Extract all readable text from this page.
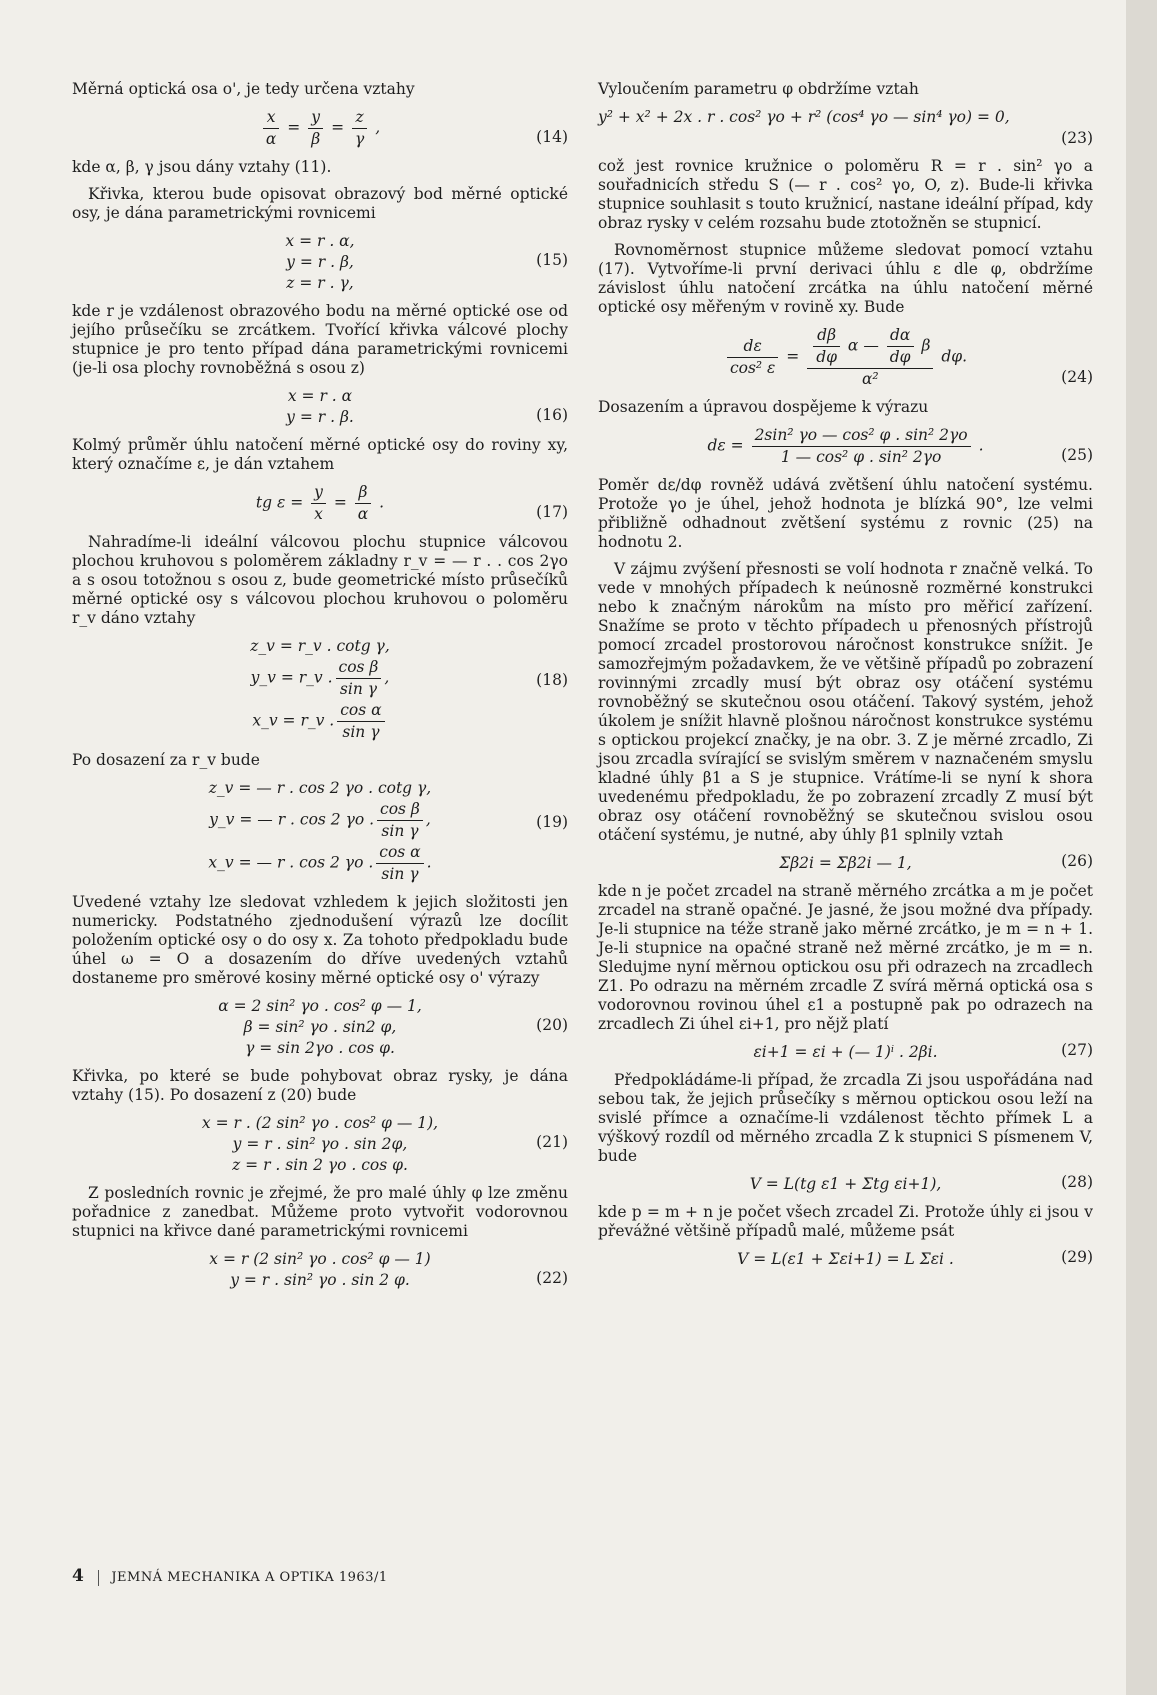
Měrná optická osa o', je tedy určena vztahy

$\frac{x}{\alpha} = \frac{y}{\beta} = \frac{z}{\gamma}$ ,
(14)

kde α, β, γ jsou dány vztahy (11).

Křivka, kterou bude opisovat obrazový bod měrné optické osy, je dána parametrickými rovnicemi

x = r . α,
y = r . β,
z = r . γ,
(15)

kde r je vzdálenost obrazového bodu na měrné optické ose od jejího průsečíku se zrcátkem. Tvořící křivka válcové plochy stupnice je pro tento případ dána parametrickými rovnicemi (je-li osa plochy rovnoběžná s osou z)

x = r . α
y = r . β.	(16)

Kolmý průměr úhlu natočení měrné optické osy do roviny xy, který označíme ε, je dán vztahem

tg $\varepsilon = \frac{y}{x} = \frac{\beta}{\alpha}$ .
(17)

Nahradíme-li ideální válcovou plochu stupnice válcovou plochou kruhovou s poloměrem základny r_v = — r . . cos 2γo a s osou totožnou s osou z, bude geometrické místo průsečíků měrné optické osy s válcovou plochou kruhovou o poloměru r_v dáno vztahy

z_v = r_v . cotg γ,
y_v = r_v . $\frac{\text{cos β}}{\text{sin γ}}$ ,
x_v = r_v . $\frac{\text{cos α}}{\text{sin γ}}$
(18)

Po dosazení za r_v bude

z_v = — r . cos 2 γo . cotg γ,
y_v = — r . cos 2 γo . $\frac{\text{cos β}}{\text{sin γ}}$ ,
x_v = — r . cos 2 γo . $\frac{\text{cos α}}{\text{sin γ}}$ .
(19)

Uvedené vztahy lze sledovat vzhledem k jejich složitosti jen numericky. Podstatného zjednodušení výrazů lze docílit položením optické osy o do osy x. Za tohoto předpokladu bude úhel ω = O a dosazením do dříve uvedených vztahů dostaneme pro směrové kosiny měrné optické osy o' výrazy

α = 2 sin² γo . cos² φ — 1,
β = sin² γo . sin2 φ,
γ = sin 2γo . cos φ.
(20)

Křivka, po které se bude pohybovat obraz rysky, je dána vztahy (15). Po dosazení z (20) bude

x = r . (2 sin² γo . cos² φ — 1),
y = r . sin² γo . sin 2φ,
z = r . sin 2 γo . cos φ.
(21)

Z posledních rovnic je zřejmé, že pro malé úhly φ lze změnu pořadnice z zanedbat. Můžeme proto vytvořit vodorovnou stupnici na křivce dané parametrickými rovnicemi

x = r (2 sin² γo . cos² φ — 1)
y = r . sin² γo . sin 2 φ.	(22)

Vyloučením parametru φ obdržíme vztah

y² + x² + 2x . r . cos² γo + r² (cos⁴ γo — sin⁴ γo) = 0,
(23)

což jest rovnice kružnice o poloměru R = r . sin² γo a souřadnicích středu S (— r . cos² γo, O, z). Bude-li křivka stupnice souhlasit s touto kružnicí, nastane ideální případ, kdy obraz rysky v celém rozsahu bude ztotožněn se stupnicí.

Rovnoměrnost stupnice můžeme sledovat pomocí vztahu (17). Vytvoříme-li první derivaci úhlu ε dle φ, obdržíme závislost úhlu natočení zrcátka na úhlu natočení měrné optické osy měřeným v rovině xy. Bude

$\frac{d\varepsilon}{\text{cos² ε}} = \frac{\frac{d\beta}{d\varphi} \alpha — \frac{d\alpha}{d\varphi} \beta}{\text{α²}} d\varphi$.
(24)

Dosazením a úpravou dospějeme k výrazu

$d\varepsilon = \frac{\text{2sin² γo — cos² φ . sin² 2γo}}{\text{1 — cos² φ . sin² 2γo}}$ .
(25)

Poměr dε/dφ rovněž udává zvětšení úhlu natočení systému. Protože γo je úhel, jehož hodnota je blízká 90°, lze velmi přibližně odhadnout zvětšení systému z rovnic (25) na hodnotu 2.

V zájmu zvýšení přesnosti se volí hodnota r značně velká. To vede v mnohých případech k neúnosně rozměrné konstrukci nebo k značným nárokům na místo pro měřicí zařízení. Snažíme se proto v těchto případech u přenosných přístrojů pomocí zrcadel prostorovou náročnost konstrukce snížit. Je samozřejmým požadavkem, že ve většině případů po zobrazení rovinnými zrcadly musí být obraz osy otáčení systému rovnoběžný se skutečnou osou otáčení. Takový systém, jehož úkolem je snížit hlavně plošnou náročnost konstrukce systému s optickou projekcí značky, je na obr. 3. Z je měrné zrcadlo, Zi jsou zrcadla svírající se svislým směrem v naznačeném smyslu kladné úhly β1 a S je stupnice. Vrátíme-li se nyní k shora uvedenému předpokladu, že po zobrazení zrcadly Z musí být obraz osy otáčení rovnoběžný se skutečnou svislou osou otáčení systému, je nutné, aby úhly β1 splnily vztah

Σβ2i = Σβ2i — 1,	(26)

kde n je počet zrcadel na straně měrného zrcátka a m je počet zrcadel na straně opačné. Je jasné, že jsou možné dva případy. Je-li stupnice na téže straně jako měrné zrcátko, je m = n + 1. Je-li stupnice na opačné straně než měrné zrcátko, je m = n. Sledujme nyní měrnou optickou osu při odrazech na zrcadlech Z1. Po odrazu na měrném zrcadle Z svírá měrná optická osa s vodorovnou rovinou úhel ε1 a postupně pak po odrazech na zrcadlech Zi úhel εi+1, pro nějž platí

εi+1 = εi + (— 1)ⁱ . 2βi.	(27)

Předpokládáme-li případ, že zrcadla Zi jsou uspořádána nad sebou tak, že jejich průsečíky s měrnou optickou osou leží na svislé přímce a označíme-li vzdálenost těchto přímek L a výškový rozdíl od měrného zrcadla Z k stupnici S písmenem V, bude

V = L(tg ε1 + Σtg εi+1),	(28)

kde p = m + n je počet všech zrcadel Zi. Protože úhly εi jsou v převážné většině případů malé, můžeme psát

V = L(ε1 + Σεi+1) = L Σεi .	(29)
4 JEMNÁ MECHANIKA A OPTIKA 1963/1
